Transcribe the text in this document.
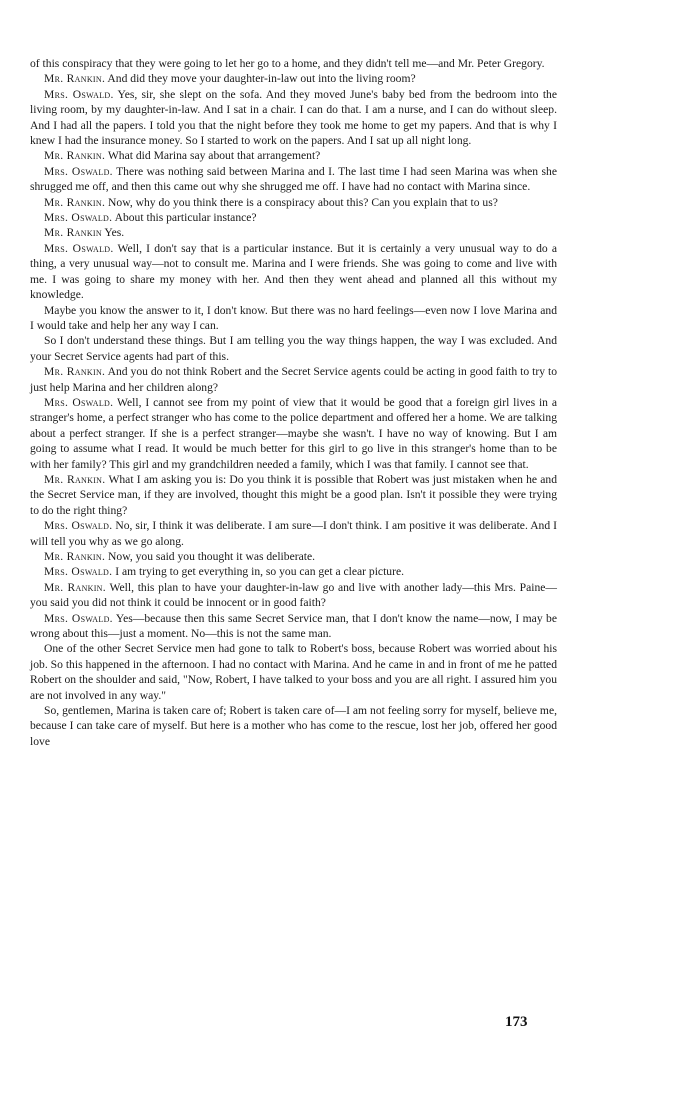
of this conspiracy that they were going to let her go to a home, and they didn't tell me—and Mr. Peter Gregory.

Mr. Rankin. And did they move your daughter-in-law out into the living room?

Mrs. Oswald. Yes, sir, she slept on the sofa. And they moved June's baby bed from the bedroom into the living room, by my daughter-in-law. And I sat in a chair. I can do that. I am a nurse, and I can do without sleep. And I had all the papers. I told you that the night before they took me home to get my papers. And that is why I knew I had the insurance money. So I started to work on the papers. And I sat up all night long.

Mr. Rankin. What did Marina say about that arrangement?

Mrs. Oswald. There was nothing said between Marina and I. The last time I had seen Marina was when she shrugged me off, and then this came out why she shrugged me off. I have had no contact with Marina since.

Mr. Rankin. Now, why do you think there is a conspiracy about this? Can you explain that to us?

Mrs. Oswald. About this particular instance?

Mr. Rankin Yes.

Mrs. Oswald. Well, I don't say that is a particular instance. But it is certainly a very unusual way to do a thing, a very unusual way—not to consult me. Marina and I were friends. She was going to come and live with me. I was going to share my money with her. And then they went ahead and planned all this without my knowledge.

Maybe you know the answer to it, I don't know. But there was no hard feelings—even now I love Marina and I would take and help her any way I can.

So I don't understand these things. But I am telling you the way things happen, the way I was excluded. And your Secret Service agents had part of this.

Mr. Rankin. And you do not think Robert and the Secret Service agents could be acting in good faith to try to just help Marina and her children along?

Mrs. Oswald. Well, I cannot see from my point of view that it would be good that a foreign girl lives in a stranger's home, a perfect stranger who has come to the police department and offered her a home. We are talking about a perfect stranger. If she is a perfect stranger—maybe she wasn't. I have no way of knowing. But I am going to assume what I read. It would be much better for this girl to go live in this stranger's home than to be with her family? This girl and my grandchildren needed a family, which I was that family. I cannot see that.

Mr. Rankin. What I am asking you is: Do you think it is possible that Robert was just mistaken when he and the Secret Service man, if they are involved, thought this might be a good plan. Isn't it possible they were trying to do the right thing?

Mrs. Oswald. No, sir, I think it was deliberate. I am sure—I don't think. I am positive it was deliberate. And I will tell you why as we go along.

Mr. Rankin. Now, you said you thought it was deliberate.

Mrs. Oswald. I am trying to get everything in, so you can get a clear picture.

Mr. Rankin. Well, this plan to have your daughter-in-law go and live with another lady—this Mrs. Paine—you said you did not think it could be innocent or in good faith?

Mrs. Oswald. Yes—because then this same Secret Service man, that I don't know the name—now, I may be wrong about this—just a moment. No—this is not the same man.

One of the other Secret Service men had gone to talk to Robert's boss, because Robert was worried about his job. So this happened in the afternoon. I had no contact with Marina. And he came in and in front of me he patted Robert on the shoulder and said, "Now, Robert, I have talked to your boss and you are all right. I assured him you are not involved in any way."

So, gentlemen, Marina is taken care of; Robert is taken care of—I am not feeling sorry for myself, believe me, because I can take care of myself. But here is a mother who has come to the rescue, lost her job, offered her good love

173
